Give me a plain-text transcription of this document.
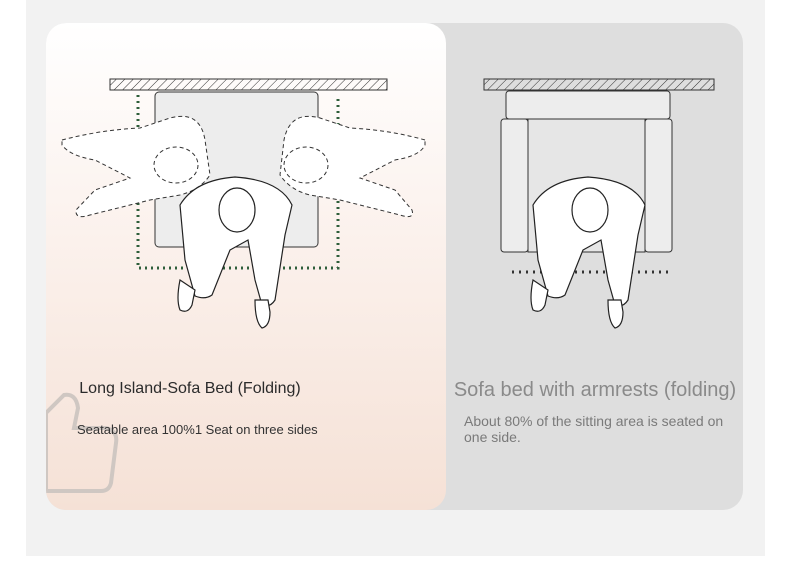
Long Island-Sofa Bed (Folding)
Seatable area 100%1 Seat on three sides
Sofa bed with armrests (folding)
About 80% of the sitting area is seated on one side.
